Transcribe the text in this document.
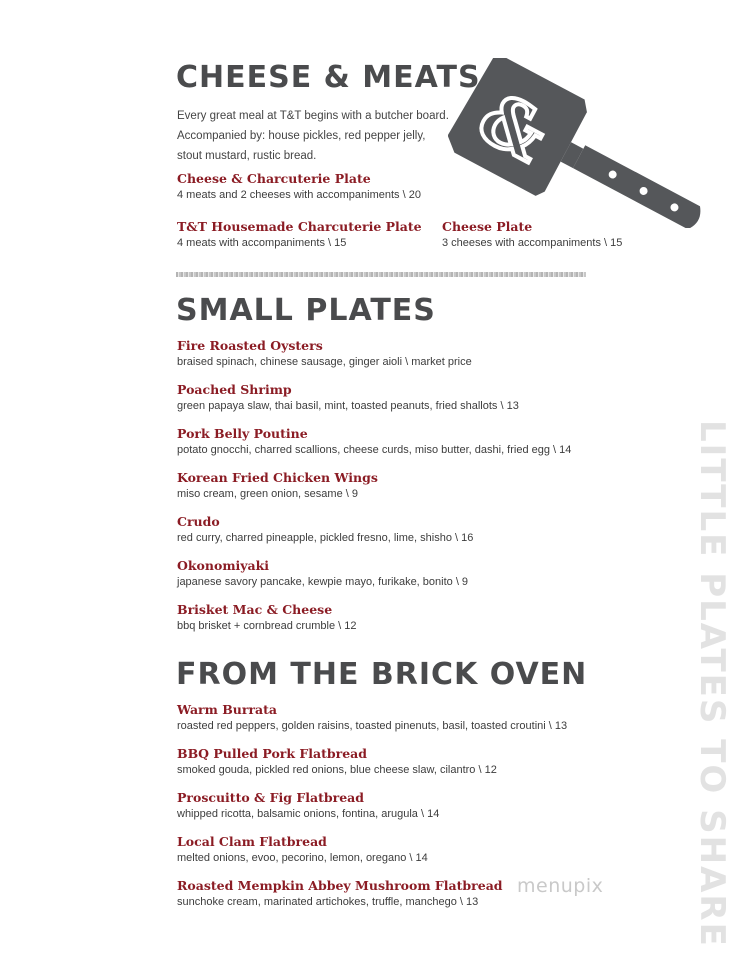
LITTLE PLATES TO SHARE
CHEESE & MEATS
Every great meal at T&T begins with a butcher board.
Accompanied by: house pickles, red pepper jelly,
stout mustard, rustic bread.	&
Cheese & Charcuterie Plate
4 meats and 2 cheeses with accompaniments \ 20
T&T Housemade Charcuterie Plate
4 meats with accompaniments \ 15
Cheese Plate
3 cheeses with accompaniments \ 15
SMALL PLATES
Fire Roasted Oysters
braised spinach, chinese sausage, ginger aioli \ market price
Poached Shrimp
green papaya slaw, thai basil, mint, toasted peanuts, fried shallots \ 13
Pork Belly Poutine
potato gnocchi, charred scallions, cheese curds, miso butter, dashi, fried egg \ 14
Korean Fried Chicken Wings
miso cream, green onion, sesame \ 9
Crudo
red curry, charred pineapple, pickled fresno, lime, shisho \ 16
Okonomiyaki
japanese savory pancake, kewpie mayo, furikake, bonito \ 9
Brisket Mac & Cheese
bbq brisket + cornbread crumble \ 12
FROM THE BRICK OVEN
Warm Burrata
roasted red peppers, golden raisins, toasted pinenuts, basil, toasted croutini \ 13
BBQ Pulled Pork Flatbread
smoked gouda, pickled red onions, blue cheese slaw, cilantro \ 12
Proscuitto & Fig Flatbread
whipped ricotta, balsamic onions, fontina, arugula \ 14
Local Clam Flatbread
melted onions, evoo, pecorino, lemon, oregano \ 14
Roasted Mempkin Abbey Mushroom Flatbread
sunchoke cream, marinated artichokes, truffle, manchego \ 13
menupix
